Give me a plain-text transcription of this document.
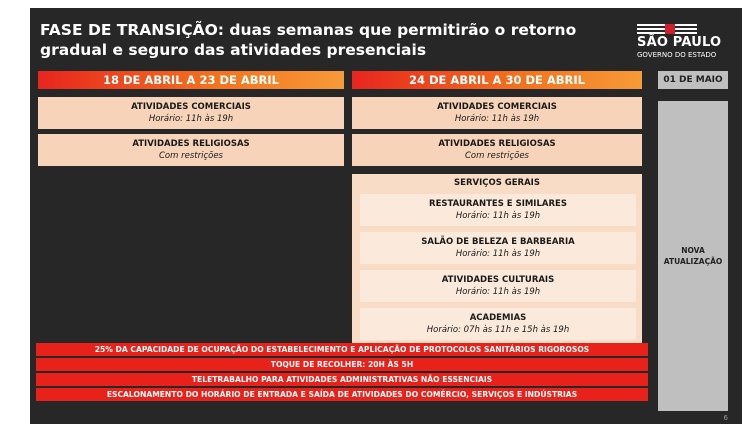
FASE DE TRANSIÇÃO: duas semanas que permitirão o retorno gradual e seguro das atividades presenciais	SÃO PAULO
GOVERNO DO ESTADO
18 DE ABRIL A 23 DE ABRIL
ATIVIDADES COMERCIAIS
Horário: 11h às 19h
ATIVIDADES RELIGIOSAS
Com restrições
24 DE ABRIL A 30 DE ABRIL
ATIVIDADES COMERCIAIS
Horário: 11h às 19h
ATIVIDADES RELIGIOSAS
Com restrições
SERVIÇOS GERAIS
RESTAURANTES E SIMILARES
Horário: 11h às 19h
SALÃO DE BELEZA E BARBEARIA
Horário: 11h às 19h
ATIVIDADES CULTURAIS
Horário: 11h às 19h
ACADEMIAS
Horário: 07h às 11h e 15h às 19h
01 DE MAIO
NOVA
ATUALIZAÇÃO
25% DA CAPACIDADE DE OCUPAÇÃO DO ESTABELECIMENTO E APLICAÇÃO DE PROTOCOLOS SANITÁRIOS RIGOROSOS
TOQUE DE RECOLHER: 20H ÀS 5H
TELETRABALHO PARA ATIVIDADES ADMINISTRATIVAS NÃO ESSENCIAIS
ESCALONAMENTO DO HORÁRIO DE ENTRADA E SAÍDA DE ATIVIDADES DO COMÉRCIO, SERVIÇOS E INDÚSTRIAS
6
